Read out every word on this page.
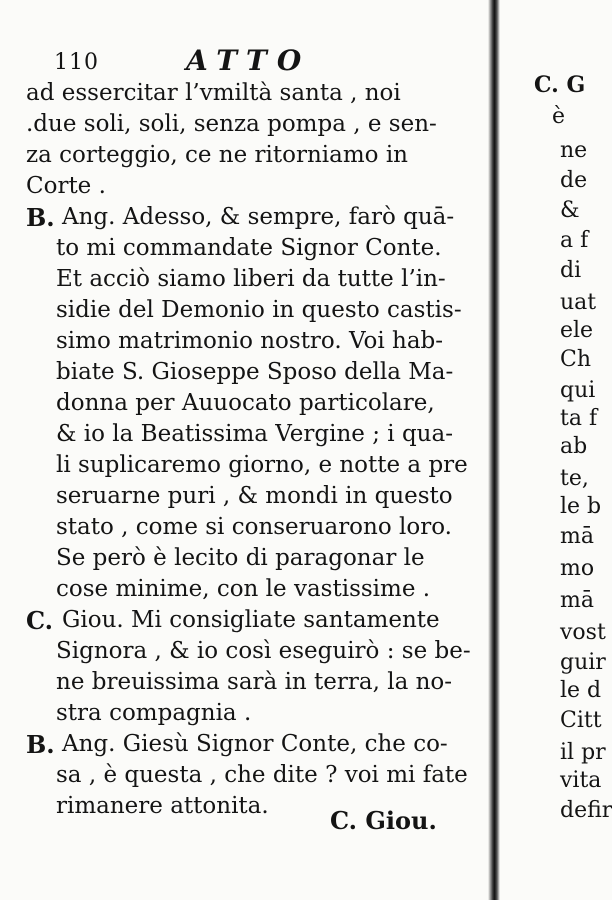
110	ATTO
ad essercitar l’vmiltà santa , noi
.due soli, soli, senza pompa , e sen-
za corteggio, ce ne ritorniamo in
Corte .
B. Ang. Adesso, & sempre, farò quā-
to mi commandate Signor Conte.
Et acciò siamo liberi da tutte l’in-
sidie del Demonio in questo castis-
simo matrimonio nostro. Voi hab-
biate S. Gioseppe Sposo della Ma-
donna per Auuocato particolare,
& io la Beatissima Vergine ; i qua-
li suplicaremo giorno, e notte a pre
seruarne puri , & mondi in questo
stato , come si conseruarono loro.
Se però è lecito di paragonar le
cose minime, con le vastissime .
C. Giou. Mi consigliate santamente
Signora , & io così eseguirò : se be-
ne breuissima sarà in terra, la no-
stra compagnia .
B. Ang. Giesù Signor Conte, che co-
sa , è questa , che dite ? voi mi fate
rimanere attonita.	C. Giou.
C. G
è
ne
de
&
a f
di
uat
ele
Ch
qui
ta f
ab
te,
le b
mā
mo
mā
vost
guir
le d
Citt
il pr
vita
defir
